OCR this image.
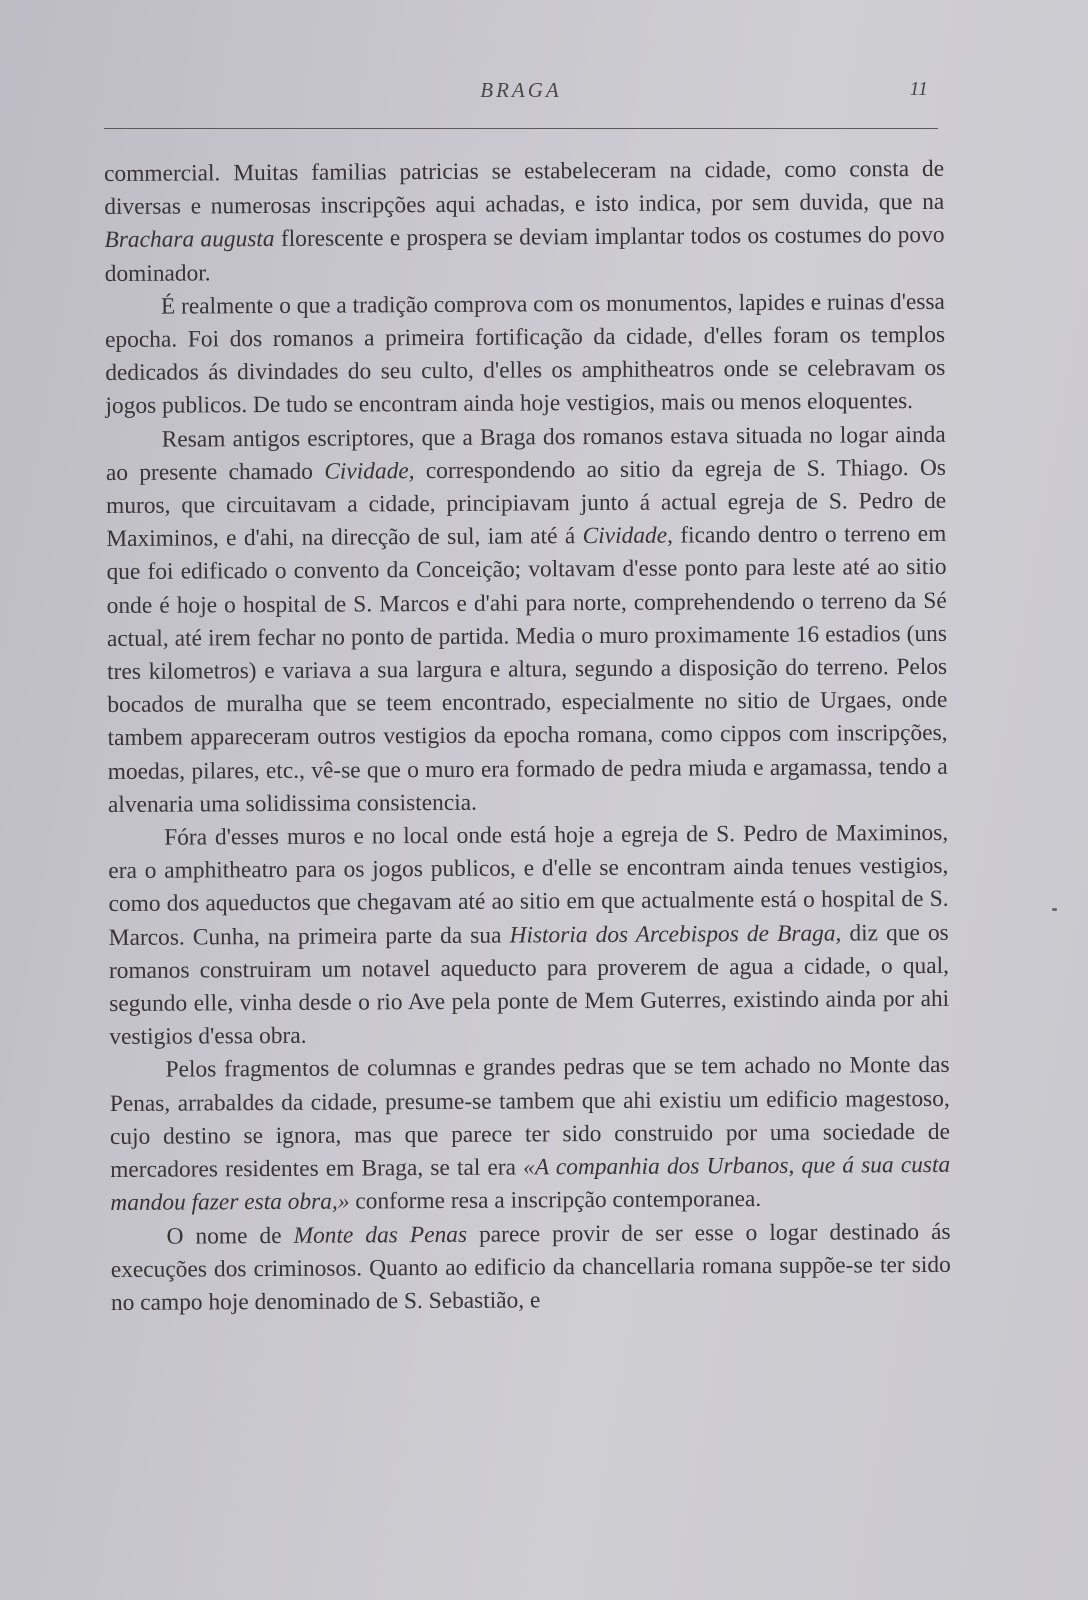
BRAGA	11

commercial. Muitas familias patricias se estabeleceram na cidade, como consta de diversas e numerosas inscripções aqui achadas, e isto indica, por sem duvida, que na Brachara augusta florescente e prospera se deviam implantar todos os costumes do povo dominador.

É realmente o que a tradição comprova com os monumentos, lapides e ruinas d'essa epocha. Foi dos romanos a primeira fortificação da cidade, d'elles foram os templos dedicados ás divindades do seu culto, d'elles os amphitheatros onde se celebravam os jogos publicos. De tudo se encontram ainda hoje vestigios, mais ou menos eloquentes.

Resam antigos escriptores, que a Braga dos romanos estava situada no logar ainda ao presente chamado Cividade, correspondendo ao sitio da egreja de S. Thiago. Os muros, que circuitavam a cidade, principiavam junto á actual egreja de S. Pedro de Maximinos, e d'ahi, na direcção de sul, iam até á Cividade, ficando dentro o terreno em que foi edificado o convento da Conceição; voltavam d'esse ponto para leste até ao sitio onde é hoje o hospital de S. Marcos e d'ahi para norte, comprehendendo o terreno da Sé actual, até irem fechar no ponto de partida. Media o muro proximamente 16 estadios (uns tres kilometros) e variava a sua largura e altura, segundo a disposição do terreno. Pelos bocados de muralha que se teem encontrado, especialmente no sitio de Urgaes, onde tambem appareceram outros vestigios da epocha romana, como cippos com inscripções, moedas, pilares, etc., vê-se que o muro era formado de pedra miuda e argamassa, tendo a alvenaria uma solidissima consistencia.

Fóra d'esses muros e no local onde está hoje a egreja de S. Pedro de Maximinos, era o amphitheatro para os jogos publicos, e d'elle se encontram ainda tenues vestigios, como dos aqueductos que chegavam até ao sitio em que actualmente está o hospital de S. Marcos. Cunha, na primeira parte da sua Historia dos Arcebispos de Braga, diz que os romanos construiram um notavel aqueducto para proverem de agua a cidade, o qual, segundo elle, vinha desde o rio Ave pela ponte de Mem Guterres, existindo ainda por ahi vestigios d'essa obra.

Pelos fragmentos de columnas e grandes pedras que se tem achado no Monte das Penas, arrabaldes da cidade, presume-se tambem que ahi existiu um edificio magestoso, cujo destino se ignora, mas que parece ter sido construido por uma sociedade de mercadores residentes em Braga, se tal era «A companhia dos Urbanos, que á sua custa mandou fazer esta obra,» conforme resa a inscripção contemporanea.

O nome de Monte das Penas parece provir de ser esse o logar destinado ás execuções dos criminosos. Quanto ao edificio da chancellaria romana suppõe-se ter sido no campo hoje denominado de S. Sebastião, e
